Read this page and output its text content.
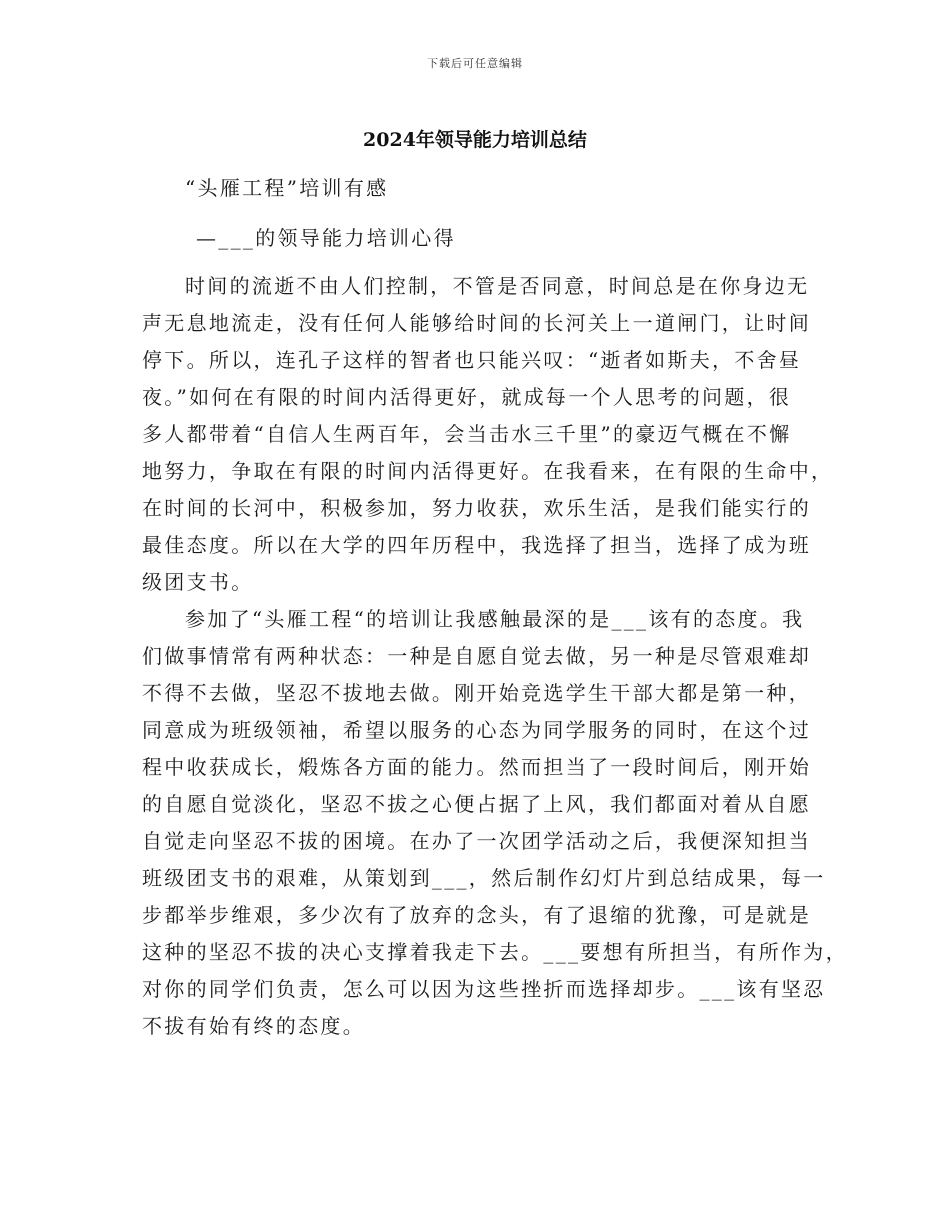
下载后可任意编辑
2024年领导能力培训总结
“头雁工程”培训有感
—___的领导能力培训心得
时间的流逝不由人们控制，不管是否同意，时间总是在你身边无
声无息地流走，没有任何人能够给时间的长河关上一道闸门，让时间
停下。所以，连孔子这样的智者也只能兴叹：“逝者如斯夫，不舍昼
夜。”如何在有限的时间内活得更好，就成每一个人思考的问题，很
多人都带着“自信人生两百年，会当击水三千里”的豪迈气概在不懈
地努力，争取在有限的时间内活得更好。在我看来，在有限的生命中，
在时间的长河中，积极参加，努力收获，欢乐生活，是我们能实行的
最佳态度。所以在大学的四年历程中，我选择了担当，选择了成为班
级团支书。
参加了“头雁工程“的培训让我感触最深的是___该有的态度。我
们做事情常有两种状态：一种是自愿自觉去做，另一种是尽管艰难却
不得不去做，坚忍不拔地去做。刚开始竞选学生干部大都是第一种，
同意成为班级领袖，希望以服务的心态为同学服务的同时，在这个过
程中收获成长，煅炼各方面的能力。然而担当了一段时间后，刚开始
的自愿自觉淡化，坚忍不拔之心便占据了上风，我们都面对着从自愿
自觉走向坚忍不拔的困境。在办了一次团学活动之后，我便深知担当
班级团支书的艰难，从策划到___，然后制作幻灯片到总结成果，每一
步都举步维艰，多少次有了放弃的念头，有了退缩的犹豫，可是就是
这种的坚忍不拔的决心支撑着我走下去。___要想有所担当，有所作为，
对你的同学们负责，怎么可以因为这些挫折而选择却步。___该有坚忍
不拔有始有终的态度。
